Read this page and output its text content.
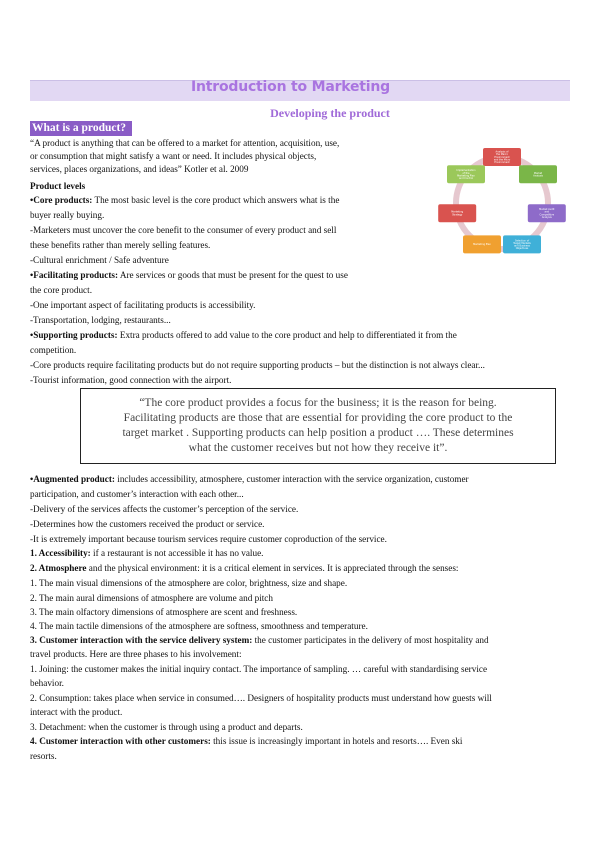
Introduction to Marketing
Developing the product
What is a product?
“A product is anything that can be offered to a market for attention, acquisition, use,
or consumption that might satisfy a want or need. It includes physical objects,
services, places organizations, and ideas” Kotler et al. 2009
Product levels
•Core products: The most basic level is the core product which answers what is the
buyer really buying.
-Marketers must uncover the core benefit to the consumer of every product and sell
these benefits rather than merely selling features.
-Cultural enrichment / Safe adventure
•Facilitating products: Are services or goods that must be present for the quest to use
the core product.
-One important aspect of facilitating products is accessibility.
-Transportation, lodging, restaurants...
•Supporting products: Extra products offered to add value to the core product and help to differentiated it from the
competition.
-Core products require facilitating products but do not require supporting products – but the distinction is not always clear...
-Tourist information, good connection with the airport.
“The core product provides a focus for the business; it is the reason for being.
Facilitating products are those that are essential for providing the core product to the
target market . Supporting products can help position a product …. These determines
what the customer receives but not how they receive it”.
•Augmented product: includes accessibility, atmosphere, customer interaction with the service organization, customer
participation, and customer’s interaction with each other...
-Delivery of the services affects the customer’s perception of the service.
-Determines how the customers received the product or service.
-It is extremely important because tourism services require customer coproduction of the service.
1. Accessibility: if a restaurant is not accessible it has no value.
2. Atmosphere and the physical environment: it is a critical element in services. It is appreciated through the senses:
1. The main visual dimensions of the atmosphere are color, brightness, size and shape.
2. The main aural dimensions of atmosphere are volume and pitch
3. The main olfactory dimensions of atmosphere are scent and freshness.
4. The main tactile dimensions of the atmosphere are softness, smoothness and temperature.
3. Customer interaction with the service delivery system: the customer participates in the delivery of most hospitality and
travel products. Here are three phases to his involvement:
1. Joining: the customer makes the initial inquiry contact. The importance of sampling. … careful with standardising service
behavior.
2. Consumption: takes place when service in consumed…. Designers of hospitality products must understand how guests will
interact with the product.
3. Detachment: when the customer is through using a product and departs.
4. Customer interaction with other customers: this issue is increasingly important in hotels and resorts…. Even ski
resorts.
Analysis of the Macro Environment and the Micro Environment
Market Analysis
Market Audit and Competitive Analysis
Selection of Target Markets and Business Objectives
Marketing Plan
Marketing Strategy
Implementation of the Marketing Plan and Control
